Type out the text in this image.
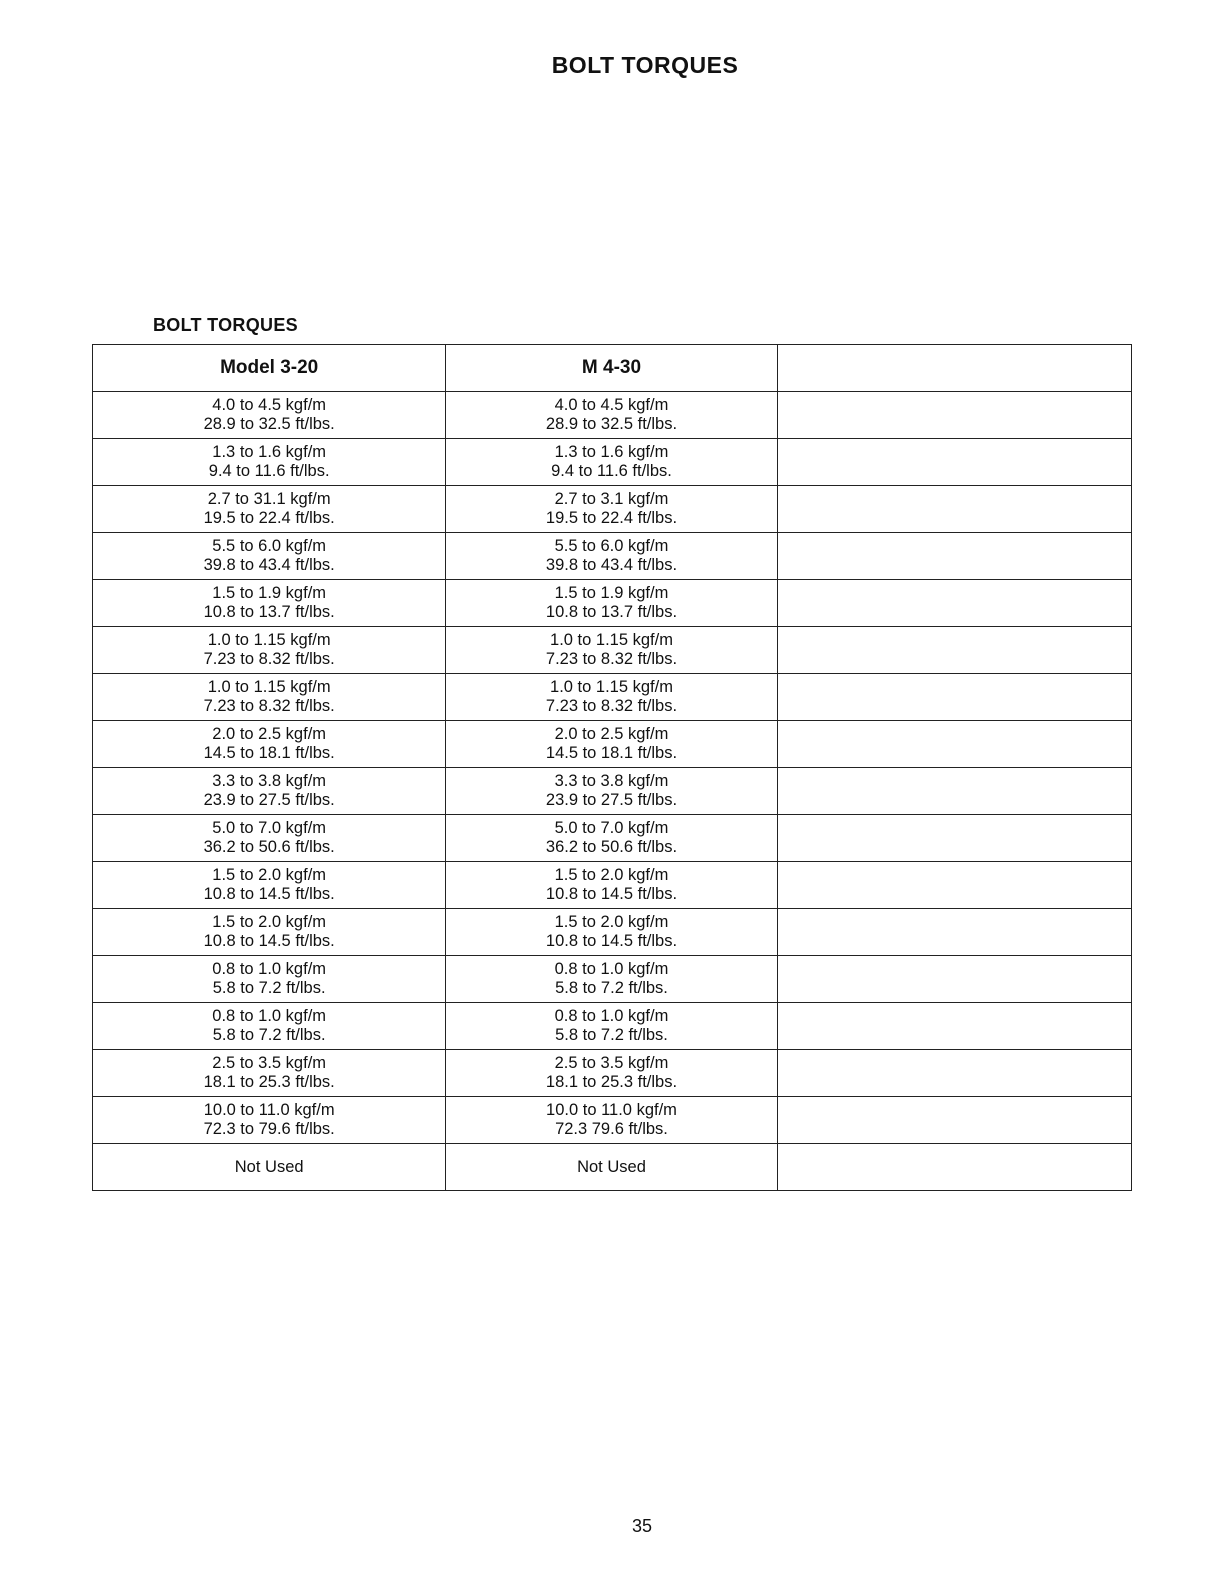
BOLT TORQUES
BOLT TORQUES
Model 3-20	M 4-30	

4.0 to 4.5 kgf/m
28.9 to 32.5 ft/lbs.	4.0 to 4.5 kgf/m
28.9 to 32.5 ft/lbs.	

1.3 to 1.6 kgf/m
9.4 to 11.6 ft/lbs.	1.3 to 1.6 kgf/m
9.4 to 11.6 ft/lbs.	

2.7 to 31.1 kgf/m
19.5 to 22.4 ft/lbs.	2.7 to 3.1 kgf/m
19.5 to 22.4 ft/lbs.	

5.5 to 6.0 kgf/m
39.8 to 43.4 ft/lbs.	5.5 to 6.0 kgf/m
39.8 to 43.4 ft/lbs.	

1.5 to 1.9 kgf/m
10.8 to 13.7 ft/lbs.	1.5 to 1.9 kgf/m
10.8 to 13.7 ft/lbs.	

1.0 to 1.15 kgf/m
7.23 to 8.32 ft/lbs.	1.0 to 1.15 kgf/m
7.23 to 8.32 ft/lbs.	

1.0 to 1.15 kgf/m
7.23 to 8.32 ft/lbs.	1.0 to 1.15 kgf/m
7.23 to 8.32 ft/lbs.	

2.0 to 2.5 kgf/m
14.5 to 18.1 ft/lbs.	2.0 to 2.5 kgf/m
14.5 to 18.1 ft/lbs.	

3.3 to 3.8 kgf/m
23.9 to 27.5 ft/lbs.	3.3 to 3.8 kgf/m
23.9 to 27.5 ft/lbs.	

5.0 to 7.0 kgf/m
36.2 to 50.6 ft/lbs.	5.0 to 7.0 kgf/m
36.2 to 50.6 ft/lbs.	

1.5 to 2.0 kgf/m
10.8 to 14.5 ft/lbs.	1.5 to 2.0 kgf/m
10.8 to 14.5 ft/lbs.	

1.5 to 2.0 kgf/m
10.8 to 14.5 ft/lbs.	1.5 to 2.0 kgf/m
10.8 to 14.5 ft/lbs.	

0.8 to 1.0 kgf/m
5.8 to 7.2 ft/lbs.	0.8 to 1.0 kgf/m
5.8 to 7.2 ft/lbs.	

0.8 to 1.0 kgf/m
5.8 to 7.2 ft/lbs.	0.8 to 1.0 kgf/m
5.8 to 7.2 ft/lbs.	

2.5 to 3.5 kgf/m
18.1 to 25.3 ft/lbs.	2.5 to 3.5 kgf/m
18.1 to 25.3 ft/lbs.	

10.0 to 11.0 kgf/m
72.3 to 79.6 ft/lbs.	10.0 to 11.0 kgf/m
72.3 79.6 ft/lbs.	

Not Used	Not Used	

35
